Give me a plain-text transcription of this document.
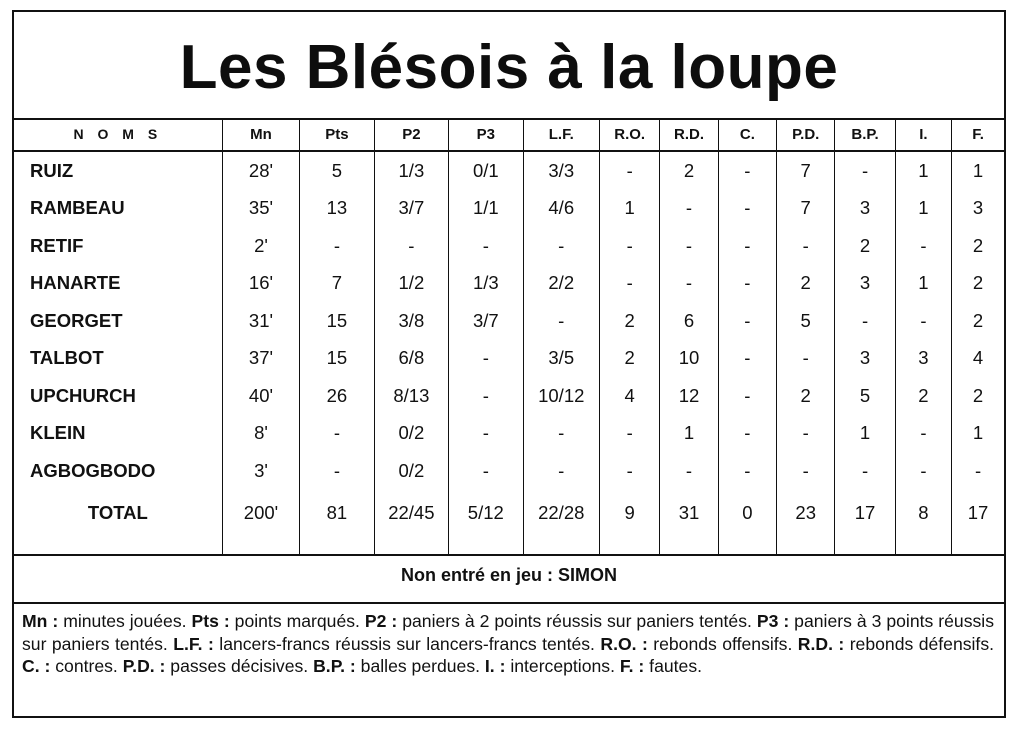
Les Blésois à la loupe
N O M S	Mn	Pts	P2	P3	L.F.	R.O.	R.D.	C.	P.D.	B.P.	I.	F.
RUIZ	28'	5	1/3	0/1	3/3	-	2	-	7	-	1	1
RAMBEAU	35'	13	3/7	1/1	4/6	1	-	-	7	3	1	3
RETIF	2'	-	-	-	-	-	-	-	-	2	-	2
HANARTE	16'	7	1/2	1/3	2/2	-	-	-	2	3	1	2
GEORGET	31'	15	3/8	3/7	-	2	6	-	5	-	-	2
TALBOT	37'	15	6/8	-	3/5	2	10	-	-	3	3	4
UPCHURCH	40'	26	8/13	-	10/12	4	12	-	2	5	2	2
KLEIN	8'	-	0/2	-	-	-	1	-	-	1	-	1
AGBOGBODO	3'	-	0/2	-	-	-	-	-	-	-	-	-
TOTAL	200'	81	22/45	5/12	22/28	9	31	0	23	17	8	17
Non entré en jeu : SIMON
Mn : minutes jouées. Pts : points marqués. P2 : paniers à 2 points réussis sur paniers tentés. P3 : paniers à 3 points réussis sur paniers tentés. L.F. : lancers-francs réussis sur lancers-francs tentés. R.O. : rebonds offensifs. R.D. : rebonds défensifs. C. : contres. P.D. : passes décisives. B.P. : balles perdues. I. : interceptions. F. : fautes.
